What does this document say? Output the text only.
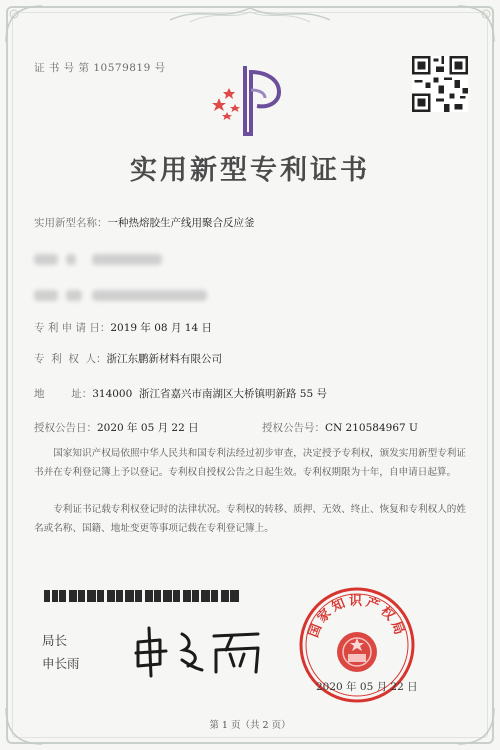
证 书 号 第 10579819 号
实用新型专利证书
实用新型名称：一种热熔胶生产线用聚合反应釜
专 利 申 请 日：2019 年 08 月 14 日
专  利  权  人：浙江东鹏新材料有限公司
地        址：314000  浙江省嘉兴市南湖区大桥镇明新路 55 号
授权公告日：2020 年 05 月 22 日	授权公告号：CN 210584967 U
国家知识产权局依照中华人民共和国专利法经过初步审查，决定授予专利权，颁发实用新型专利证书并在专利登记簿上予以登记。专利权自授权公告之日起生效。专利权期限为十年，自申请日起算。
专利证书记载专利权登记时的法律状况。专利权的转移、质押、无效、终止、恢复和专利权人的姓名或名称、国籍、地址变更等事项记载在专利登记簿上。
局长
申长雨
国家知识产权局
2020 年 05 月 22 日
第 1 页（共 2 页）
